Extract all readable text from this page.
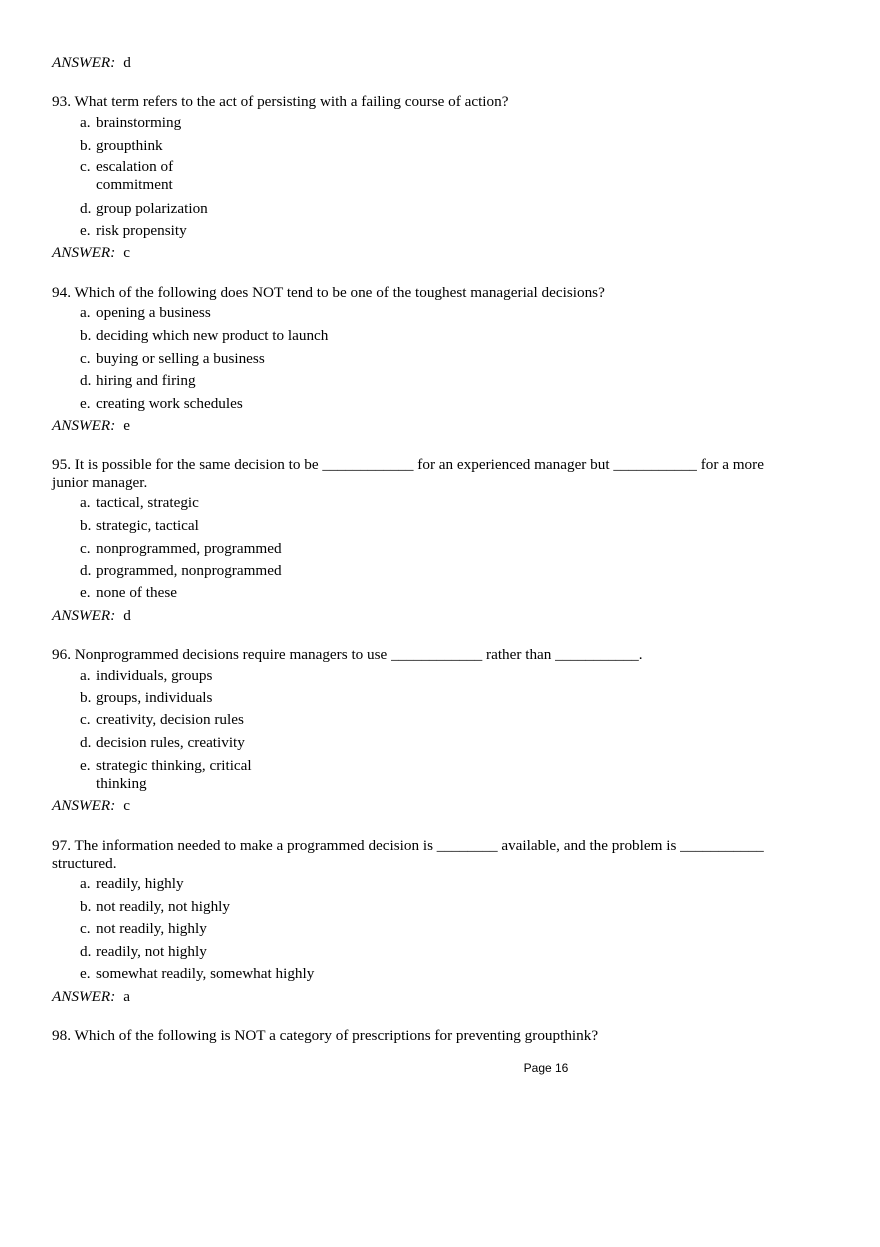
ANSWER: d
93. What term refers to the act of persisting with a failing course of action?
a. brainstorming
b. groupthink
c. escalation of commitment
d. group polarization
e. risk propensity
ANSWER: c
94. Which of the following does NOT tend to be one of the toughest managerial decisions?
a. opening a business
b. deciding which new product to launch
c. buying or selling a business
d. hiring and firing
e. creating work schedules
ANSWER: e
95. It is possible for the same decision to be ____________ for an experienced manager but ___________ for a more junior manager.
a. tactical, strategic
b. strategic, tactical
c. nonprogrammed, programmed
d. programmed, nonprogrammed
e. none of these
ANSWER: d
96. Nonprogrammed decisions require managers to use ____________ rather than ___________.
a. individuals, groups
b. groups, individuals
c. creativity, decision rules
d. decision rules, creativity
e. strategic thinking, critical thinking
ANSWER: c
97. The information needed to make a programmed decision is ________ available, and the problem is ___________ structured.
a. readily, highly
b. not readily, not highly
c. not readily, highly
d. readily, not highly
e. somewhat readily, somewhat highly
ANSWER: a
98. Which of the following is NOT a category of prescriptions for preventing groupthink?
Page 16
